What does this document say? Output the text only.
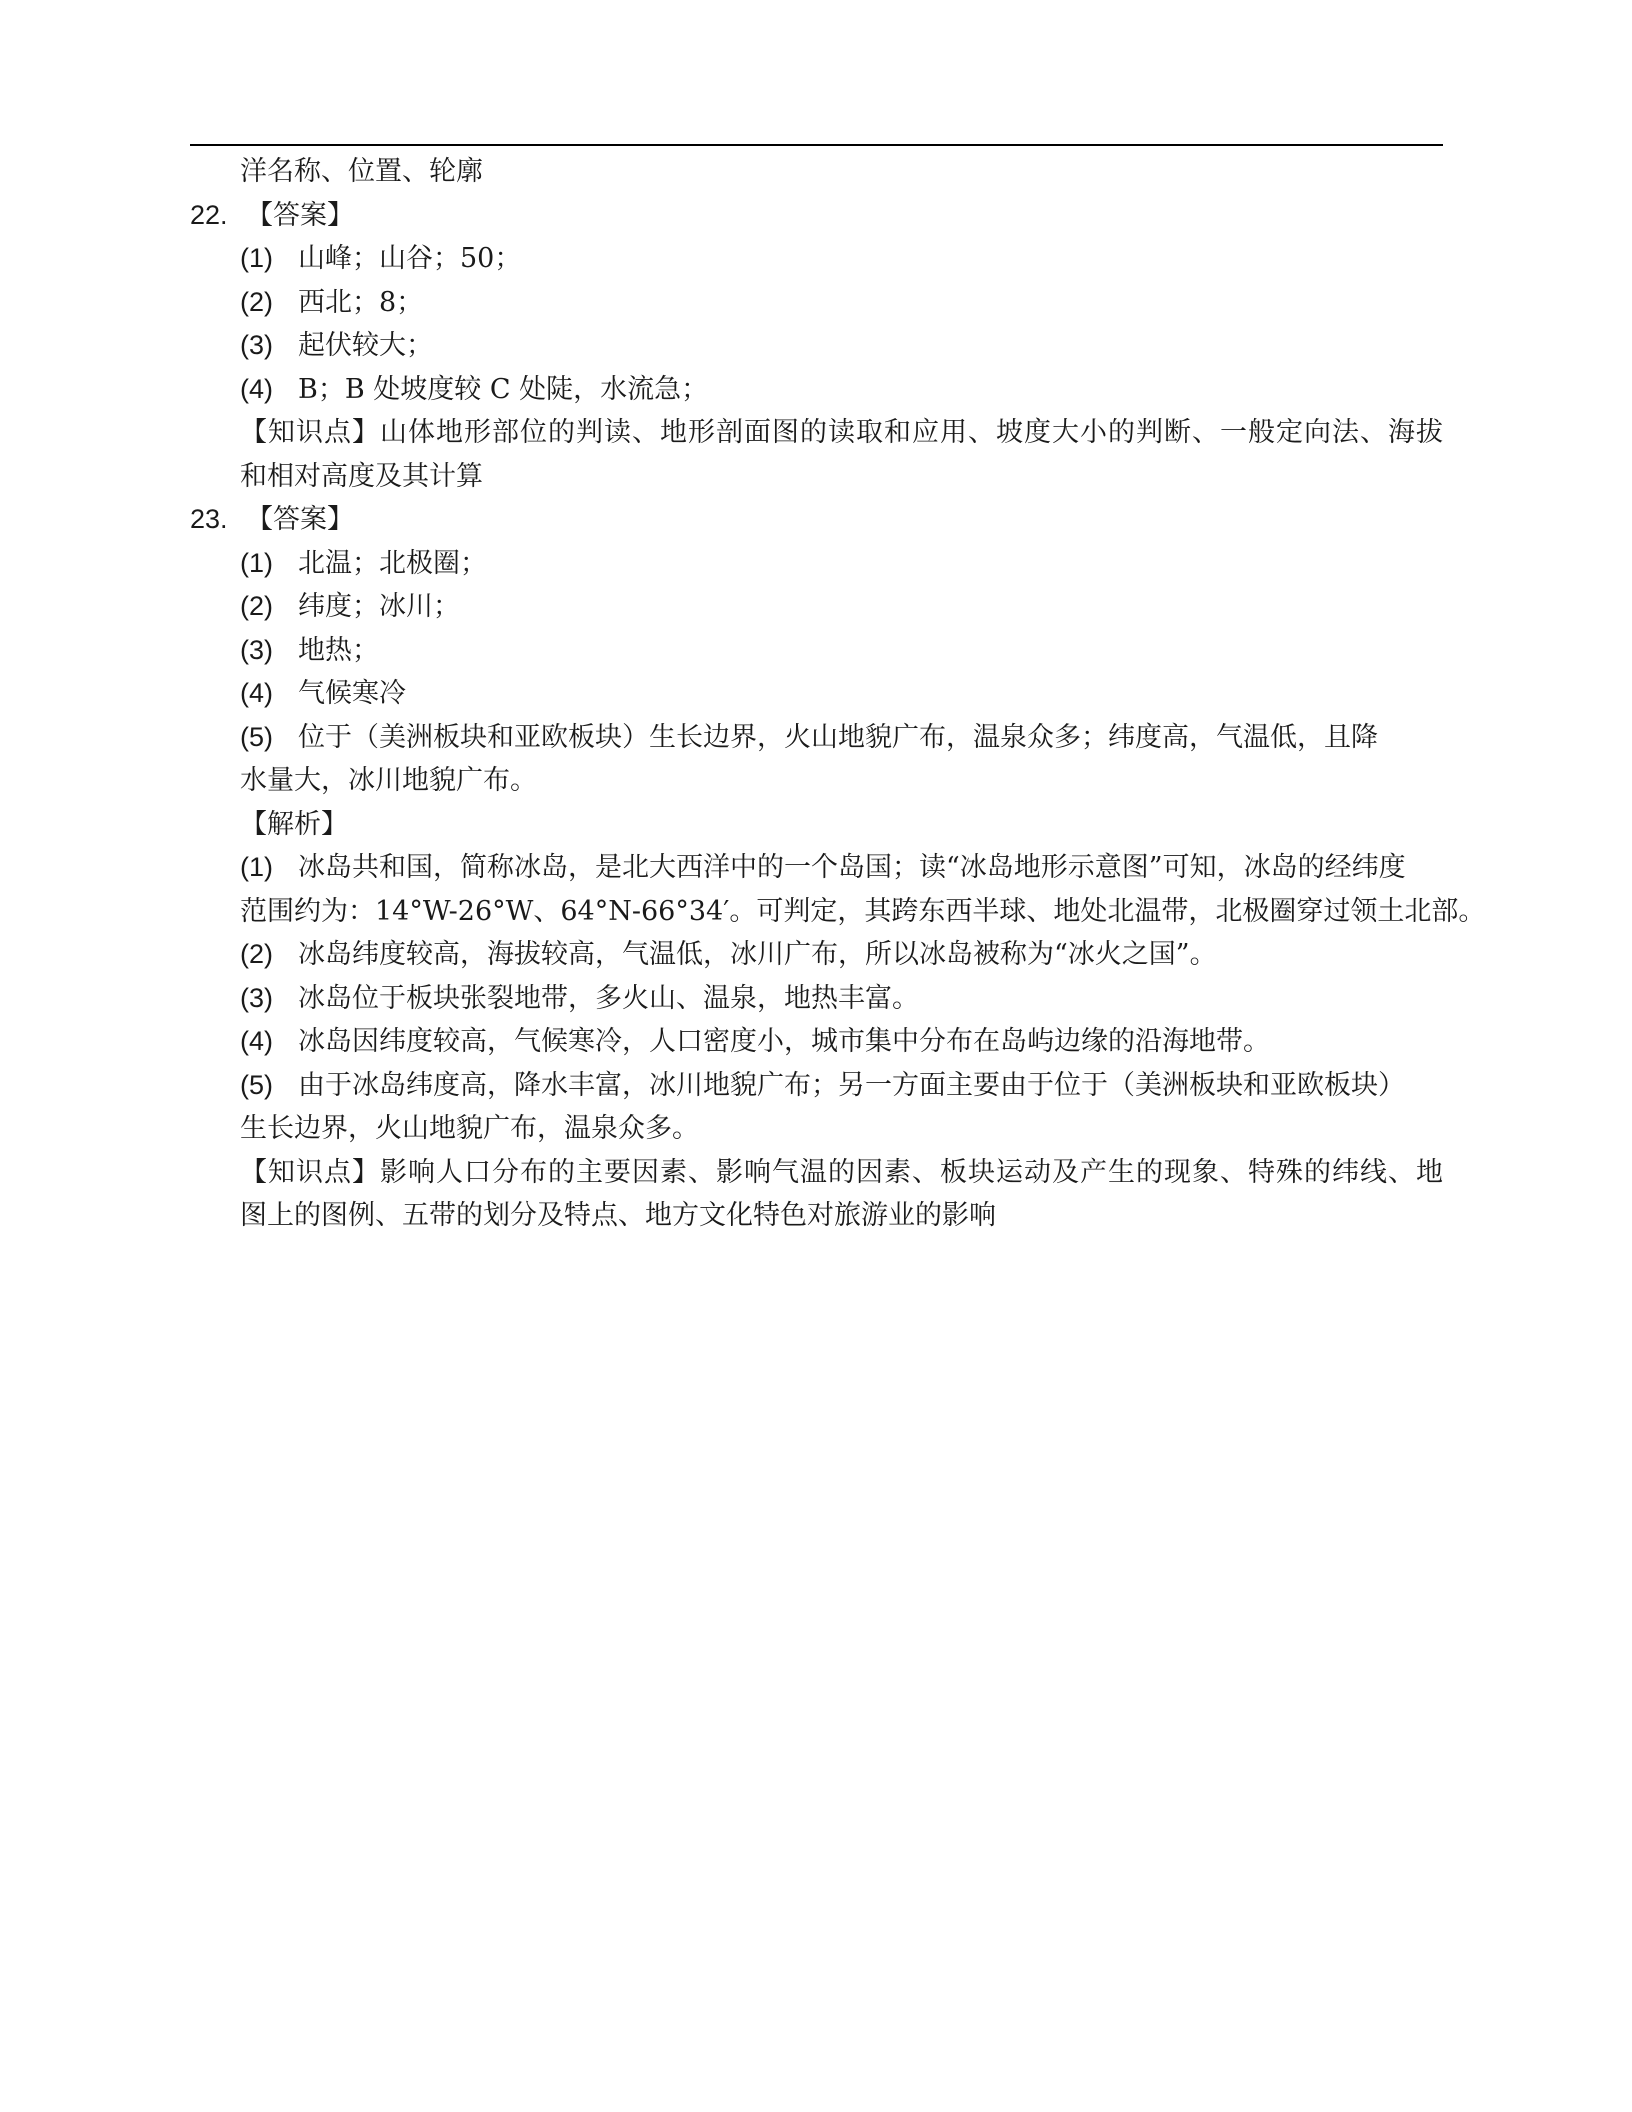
洋名称、位置、轮廓
22. 【答案】
(1) 山峰；山谷；50；
(2) 西北；8；
(3) 起伏较大；
(4) B；B 处坡度较 C 处陡，水流急；
【知识点】山体地形部位的判读、地形剖面图的读取和应用、坡度大小的判断、一般定向法、海拔
和相对高度及其计算
23. 【答案】
(1) 北温；北极圈；
(2) 纬度；冰川；
(3) 地热；
(4) 气候寒冷
(5) 位于（美洲板块和亚欧板块）生长边界，火山地貌广布，温泉众多；纬度高，气温低，且降
水量大，冰川地貌广布。
【解析】
(1) 冰岛共和国，简称冰岛，是北大西洋中的一个岛国；读“冰岛地形示意图”可知，冰岛的经纬度
范围约为：14°W-26°W、64°N-66°34′。可判定，其跨东西半球、地处北温带，北极圈穿过领土北部。
(2) 冰岛纬度较高，海拔较高，气温低，冰川广布，所以冰岛被称为“冰火之国”。
(3) 冰岛位于板块张裂地带，多火山、温泉，地热丰富。
(4) 冰岛因纬度较高，气候寒冷，人口密度小，城市集中分布在岛屿边缘的沿海地带。
(5) 由于冰岛纬度高，降水丰富，冰川地貌广布；另一方面主要由于位于（美洲板块和亚欧板块）
生长边界，火山地貌广布，温泉众多。
【知识点】影响人口分布的主要因素、影响气温的因素、板块运动及产生的现象、特殊的纬线、地
图上的图例、五带的划分及特点、地方文化特色对旅游业的影响
